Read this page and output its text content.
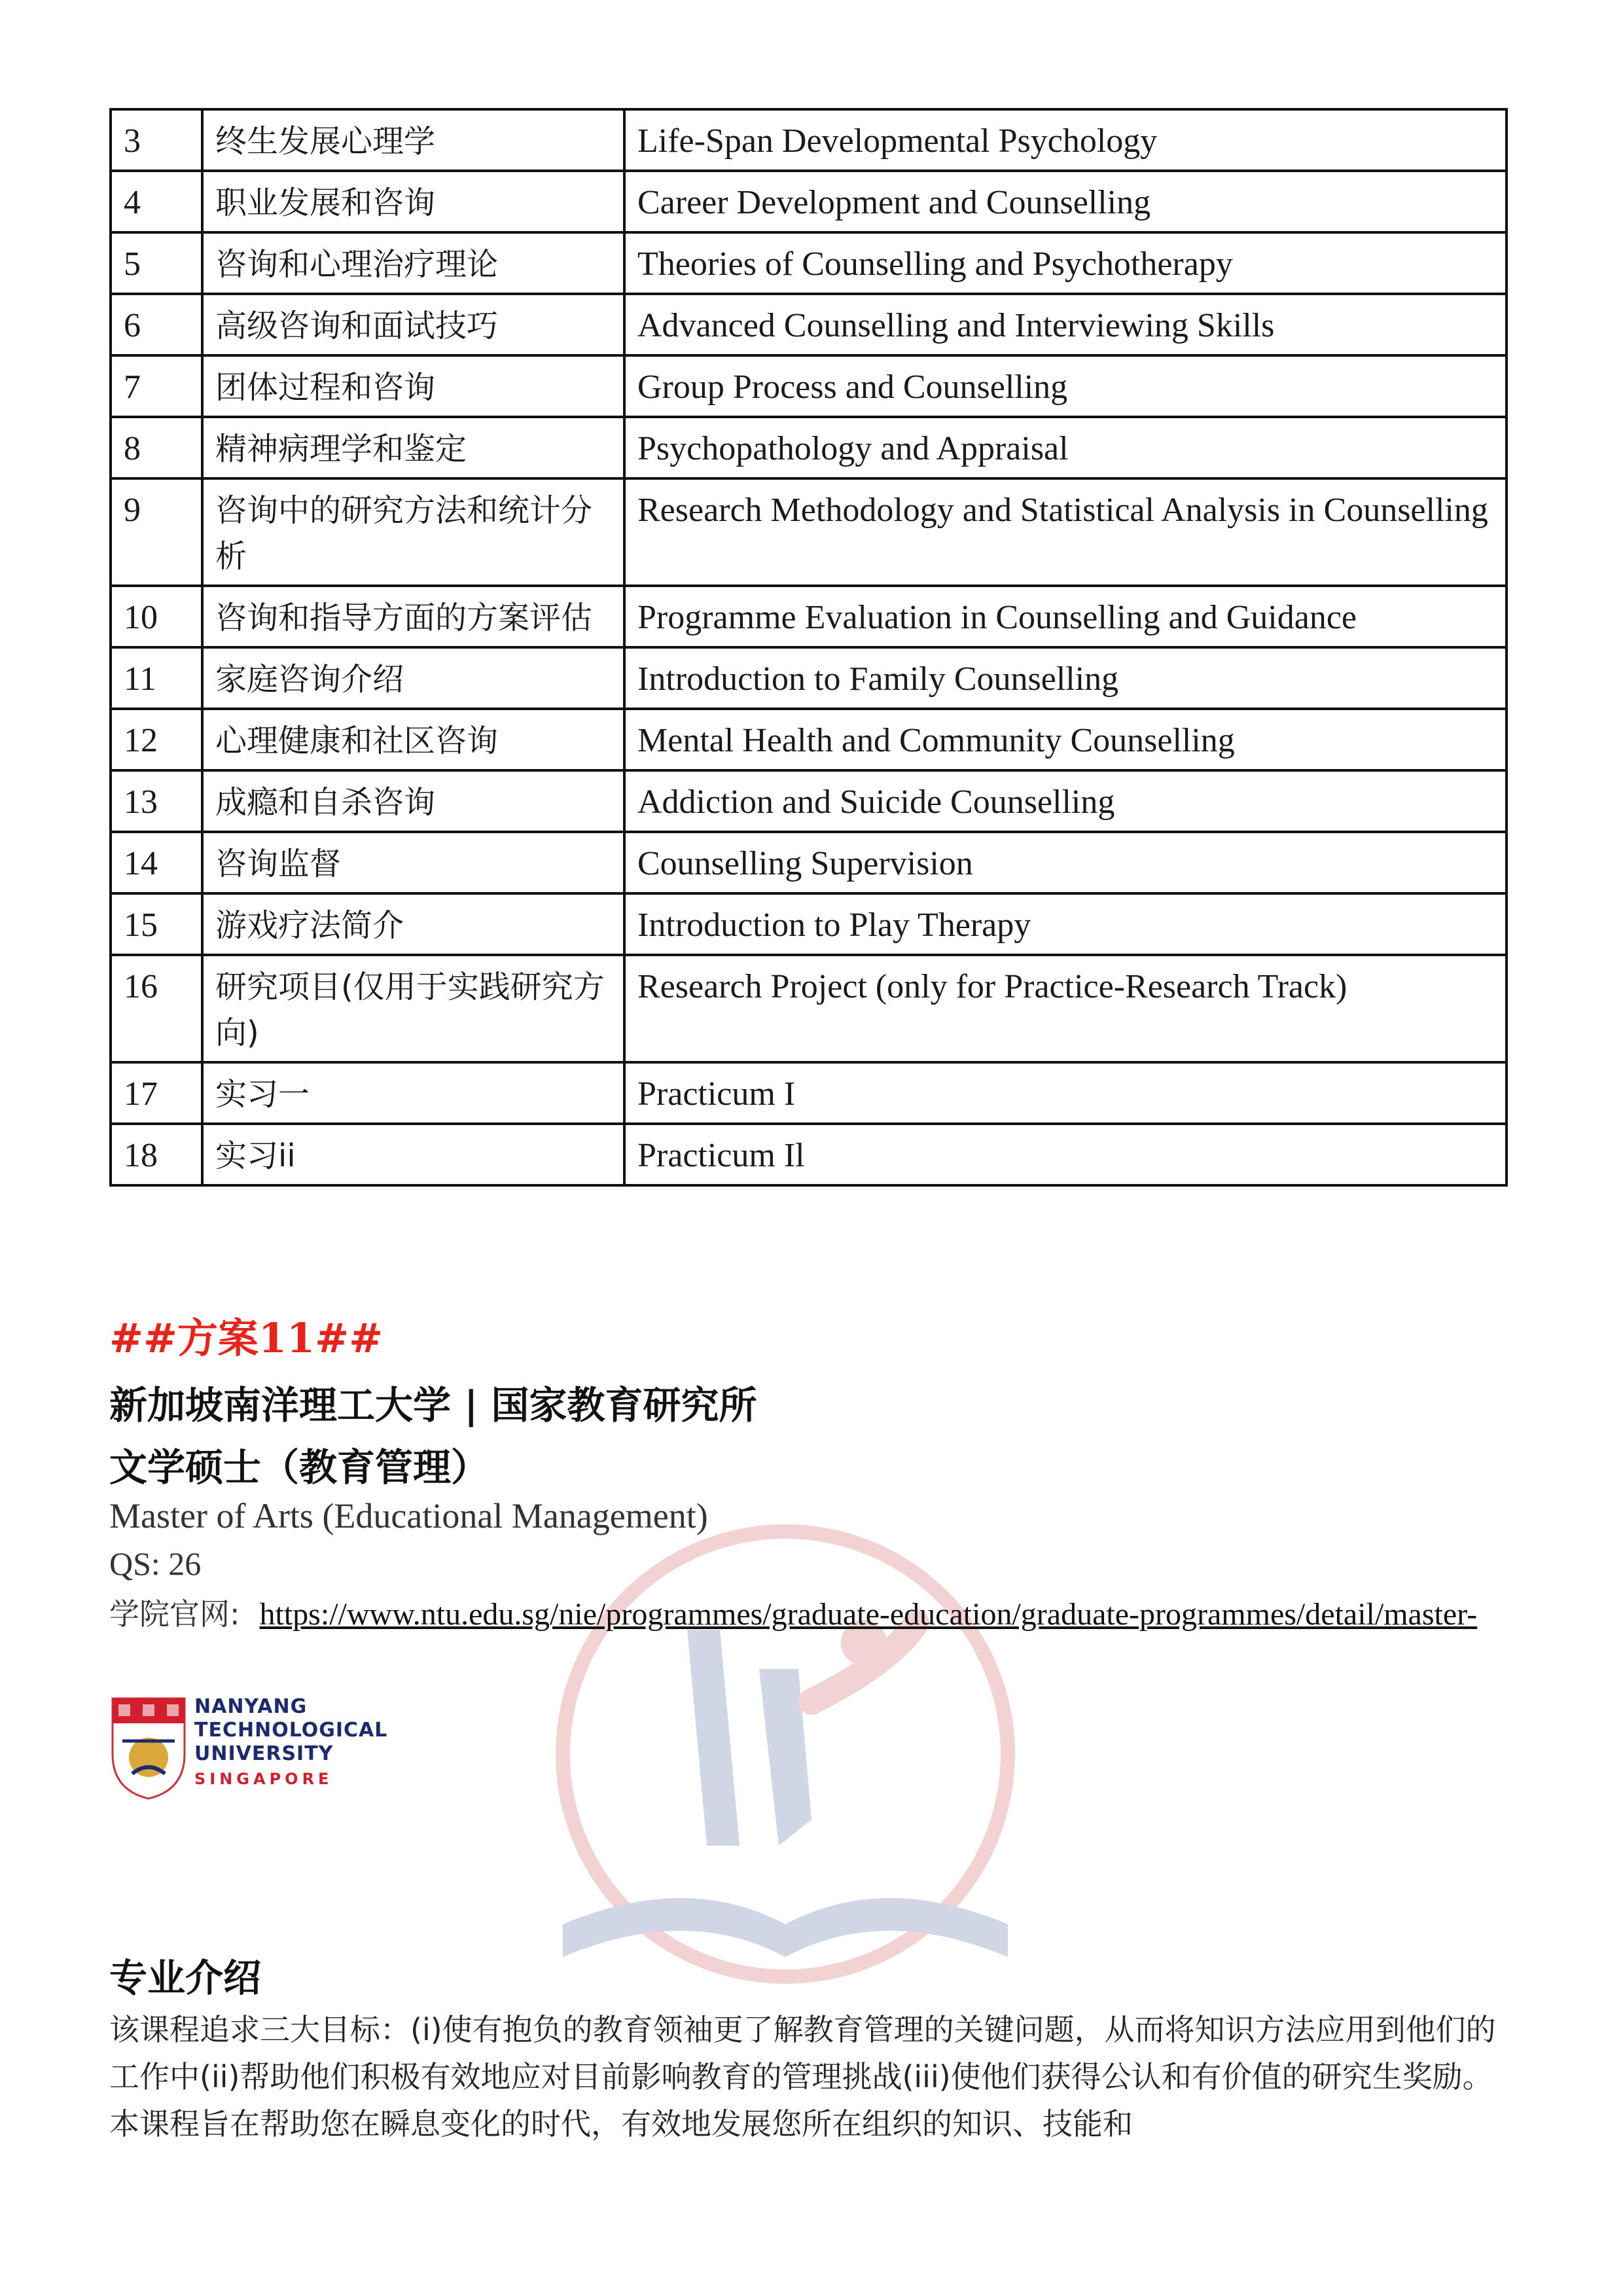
3	终生发展心理学	Life-Span Developmental Psychology
4	职业发展和咨询	Career Development and Counselling
5	咨询和心理治疗理论	Theories of Counselling and Psychotherapy
6	高级咨询和面试技巧	Advanced Counselling and Interviewing Skills
7	团体过程和咨询	Group Process and Counselling
8	精神病理学和鉴定	Psychopathology and Appraisal
9	咨询中的研究方法和统计分析	Research Methodology and Statistical Analysis in Counselling
10	咨询和指导方面的方案评估	Programme Evaluation in Counselling and Guidance
11	家庭咨询介绍	Introduction to Family Counselling
12	心理健康和社区咨询	Mental Health and Community Counselling
13	成瘾和自杀咨询	Addiction and Suicide Counselling
14	咨询监督	Counselling Supervision
15	游戏疗法简介	Introduction to Play Therapy
16	研究项目(仅用于实践研究方向)	Research Project (only for Practice-Research Track)
17	实习一	Practicum I
18	实习ii	Practicum Il
##方案11##
新加坡南洋理工大学 | 国家教育研究所
文学硕士（教育管理）
Master of Arts (Educational Management)
QS: 26
学院官网: https://www.ntu.edu.sg/nie/programmes/graduate-education/graduate-programmes/detail/master-
NANYANG
TECHNOLOGICAL
UNIVERSITY
SINGAPORE
专业介绍
该课程追求三大目标：(i)使有抱负的教育领袖更了解教育管理的关键问题，从而将知识方法应用到他们的工作中(ii)帮助他们积极有效地应对目前影响教育的管理挑战(iii)使他们获得公认和有价值的研究生奖励。本课程旨在帮助您在瞬息变化的时代，有效地发展您所在组织的知识、技能和
